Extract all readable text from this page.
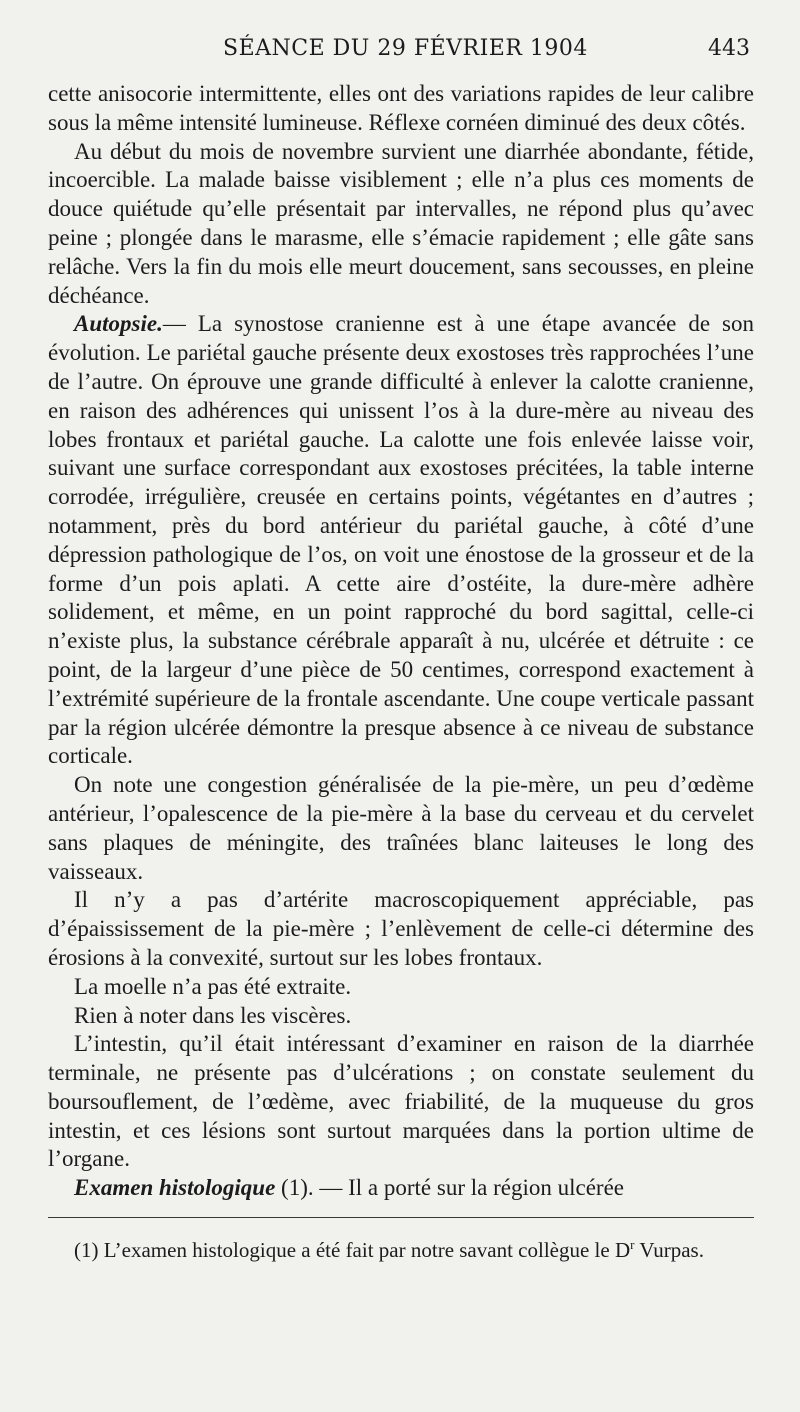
SÉANCE DU 29 FÉVRIER 1904	443

cette anisocorie intermittente, elles ont des variations rapides de leur calibre sous la même intensité lumineuse. Réflexe cornéen diminué des deux côtés.

Au début du mois de novembre survient une diarrhée abondante, fétide, incoercible. La malade baisse visiblement ; elle n’a plus ces moments de douce quiétude qu’elle présentait par intervalles, ne répond plus qu’avec peine ; plongée dans le marasme, elle s’émacie rapidement ; elle gâte sans relâche. Vers la fin du mois elle meurt doucement, sans secousses, en pleine déchéance.

Autopsie.— La synostose cranienne est à une étape avancée de son évolution. Le pariétal gauche présente deux exostoses très rapprochées l’une de l’autre. On éprouve une grande difficulté à enlever la calotte cranienne, en raison des adhérences qui unissent l’os à la dure-mère au niveau des lobes frontaux et pariétal gauche. La calotte une fois enlevée laisse voir, suivant une surface correspondant aux exostoses précitées, la table interne corrodée, irrégulière, creusée en certains points, végétantes en d’autres ; notamment, près du bord antérieur du pariétal gauche, à côté d’une dépression pathologique de l’os, on voit une énostose de la grosseur et de la forme d’un pois aplati. A cette aire d’ostéite, la dure-mère adhère solidement, et même, en un point rapproché du bord sagittal, celle-ci n’existe plus, la substance cérébrale apparaît à nu, ulcérée et détruite : ce point, de la largeur d’une pièce de 50 centimes, correspond exactement à l’extrémité supérieure de la frontale ascendante. Une coupe verticale passant par la région ulcérée démontre la presque absence à ce niveau de substance corticale.

On note une congestion généralisée de la pie-mère, un peu d’œdème antérieur, l’opalescence de la pie-mère à la base du cerveau et du cervelet sans plaques de méningite, des traînées blanc laiteuses le long des vaisseaux.

Il n’y a pas d’artérite macroscopiquement appréciable, pas d’épaississement de la pie-mère ; l’enlèvement de celle-ci détermine des érosions à la convexité, surtout sur les lobes frontaux.

La moelle n’a pas été extraite.

Rien à noter dans les viscères.

L’intestin, qu’il était intéressant d’examiner en raison de la diarrhée terminale, ne présente pas d’ulcérations ; on constate seulement du boursouflement, de l’œdème, avec friabilité, de la muqueuse du gros intestin, et ces lésions sont surtout marquées dans la portion ultime de l’organe.

Examen histologique (1). — Il a porté sur la région ulcérée

(1) L’examen histologique a été fait par notre savant collègue le $D^r$ Vurpas.
